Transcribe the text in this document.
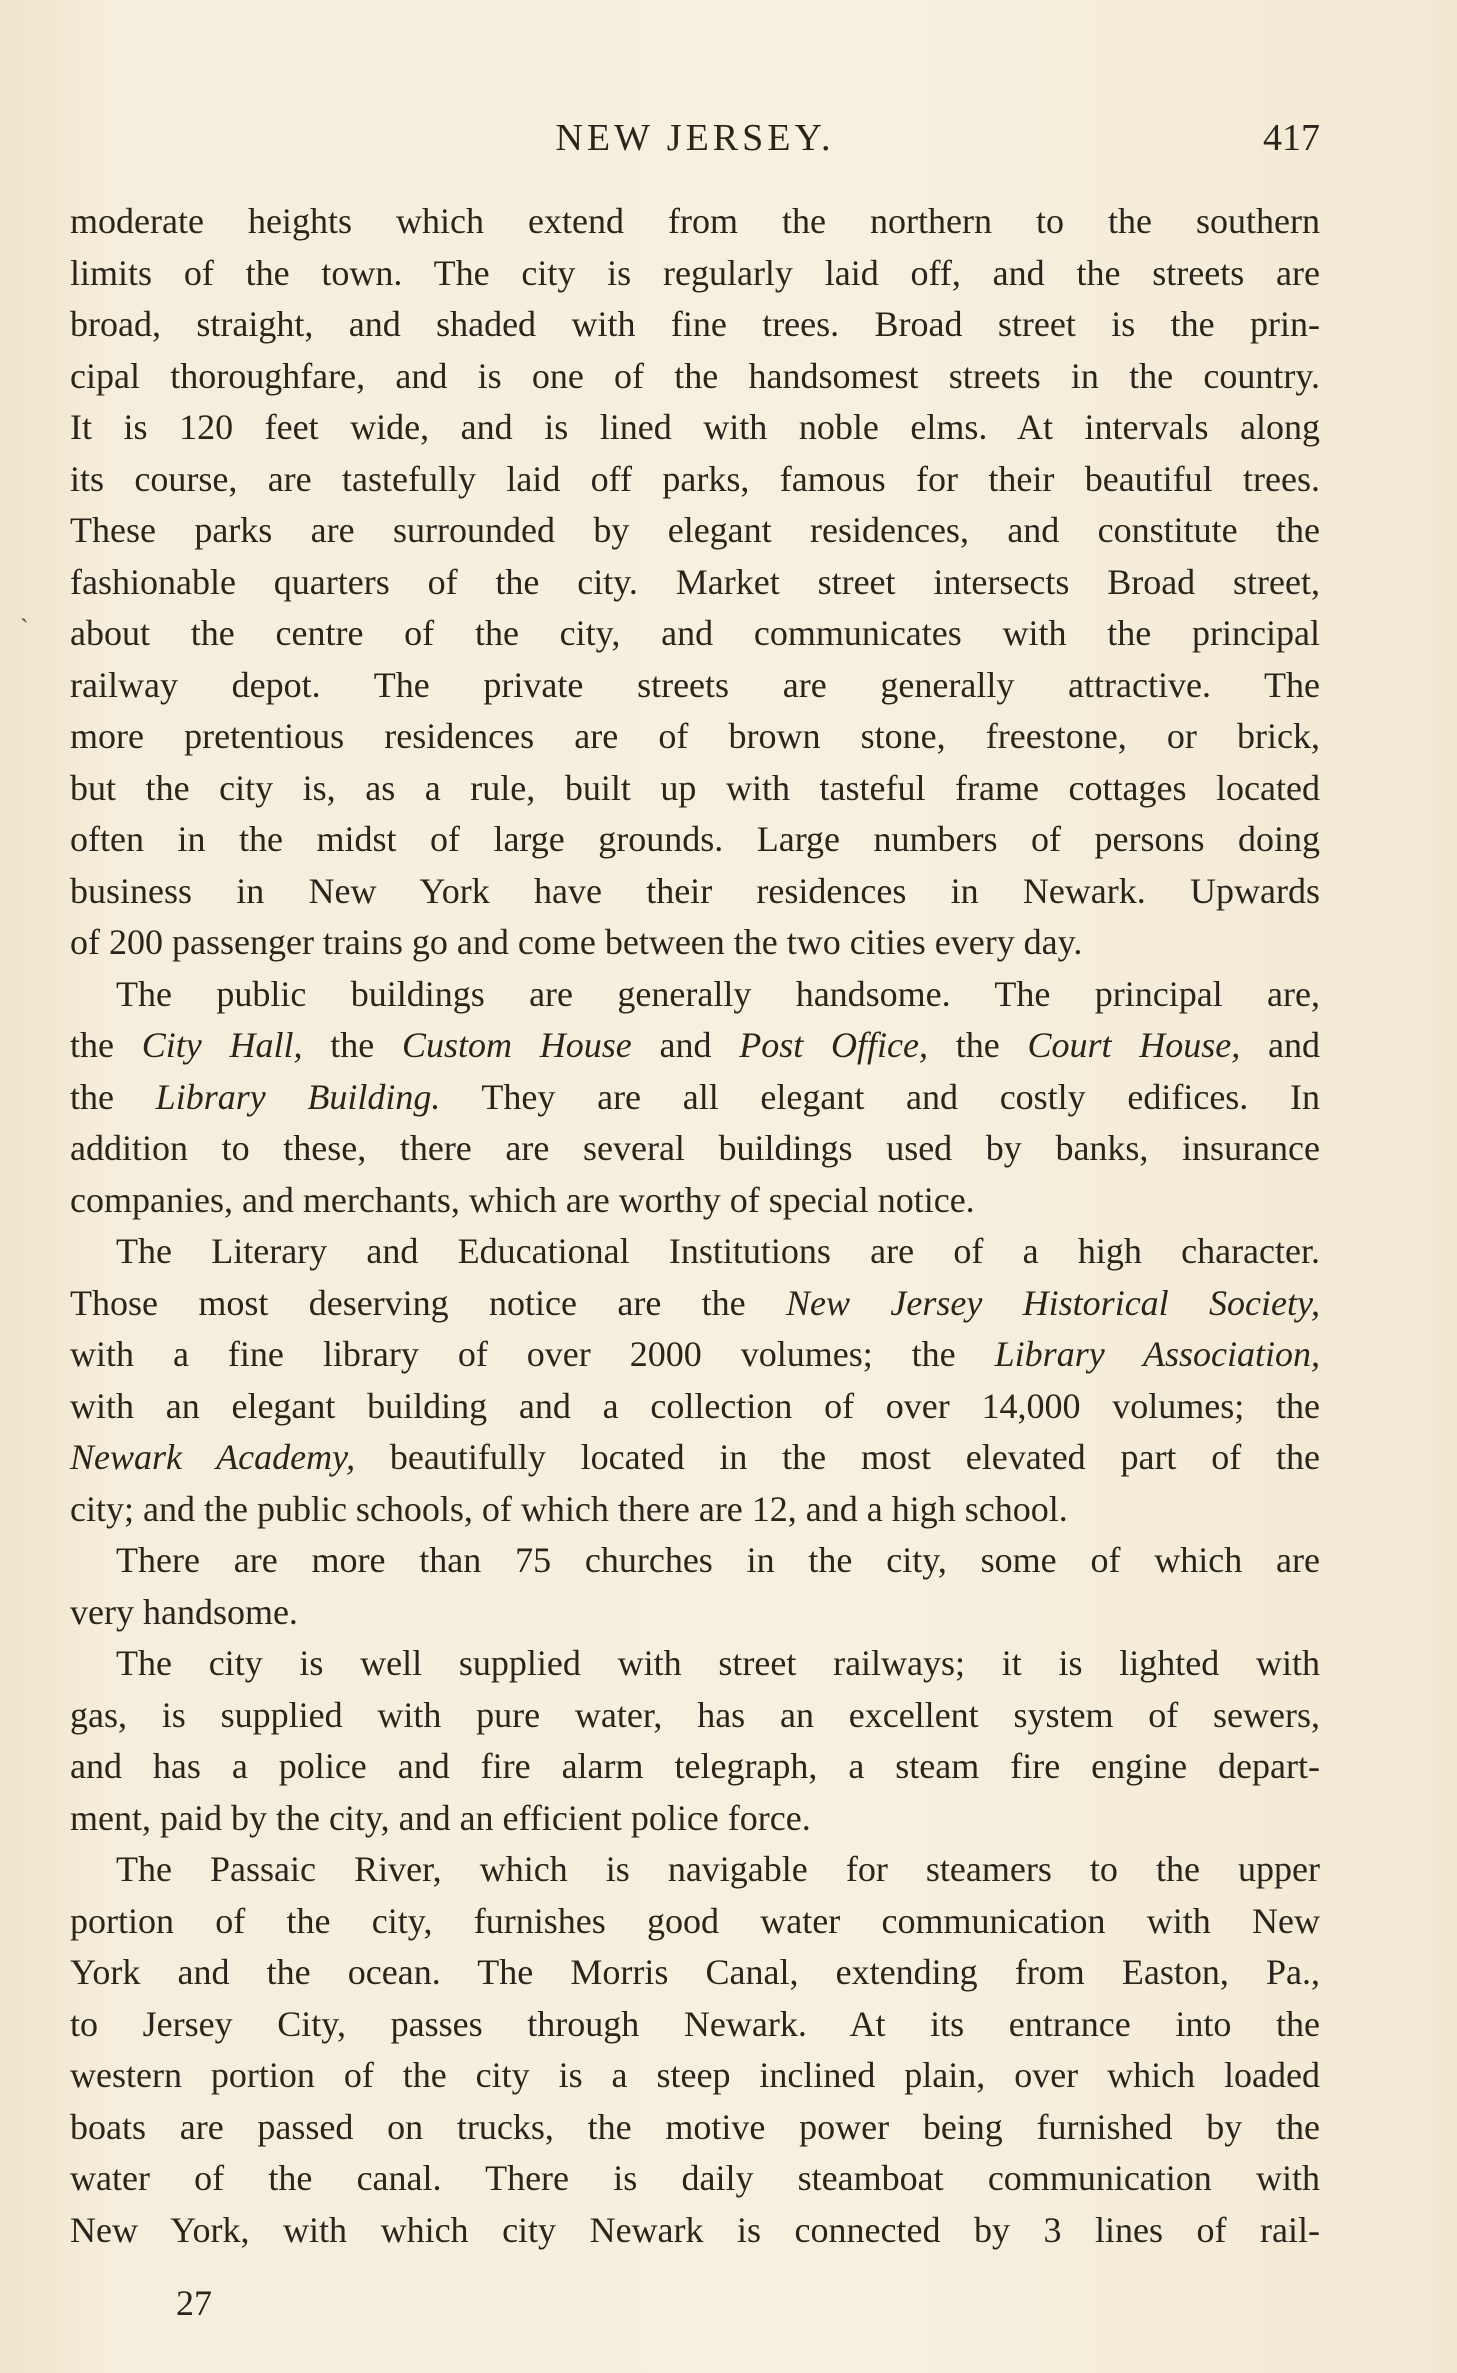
NEW JERSEY.	417
`
moderate heights which extend from the northern to the southern
limits of the town. The city is regularly laid off, and the streets are
broad, straight, and shaded with fine trees. Broad street is the prin-
cipal thoroughfare, and is one of the handsomest streets in the country.
It is 120 feet wide, and is lined with noble elms. At intervals along
its course, are tastefully laid off parks, famous for their beautiful trees.
These parks are surrounded by elegant residences, and constitute the
fashionable quarters of the city. Market street intersects Broad street,
about the centre of the city, and communicates with the principal
railway depot. The private streets are generally attractive. The
more pretentious residences are of brown stone, freestone, or brick,
but the city is, as a rule, built up with tasteful frame cottages located
often in the midst of large grounds. Large numbers of persons doing
business in New York have their residences in Newark. Upwards
of 200 passenger trains go and come between the two cities every day.
The public buildings are generally handsome. The principal are,
the City Hall, the Custom House and Post Office, the Court House, and
the Library Building. They are all elegant and costly edifices. In
addition to these, there are several buildings used by banks, insurance
companies, and merchants, which are worthy of special notice.
The Literary and Educational Institutions are of a high character.
Those most deserving notice are the New Jersey Historical Society,
with a fine library of over 2000 volumes; the Library Association,
with an elegant building and a collection of over 14,000 volumes; the
Newark Academy, beautifully located in the most elevated part of the
city; and the public schools, of which there are 12, and a high school.
There are more than 75 churches in the city, some of which are
very handsome.
The city is well supplied with street railways; it is lighted with
gas, is supplied with pure water, has an excellent system of sewers,
and has a police and fire alarm telegraph, a steam fire engine depart-
ment, paid by the city, and an efficient police force.
The Passaic River, which is navigable for steamers to the upper
portion of the city, furnishes good water communication with New
York and the ocean. The Morris Canal, extending from Easton, Pa.,
to Jersey City, passes through Newark. At its entrance into the
western portion of the city is a steep inclined plain, over which loaded
boats are passed on trucks, the motive power being furnished by the
water of the canal. There is daily steamboat communication with
New York, with which city Newark is connected by 3 lines of rail-
27
